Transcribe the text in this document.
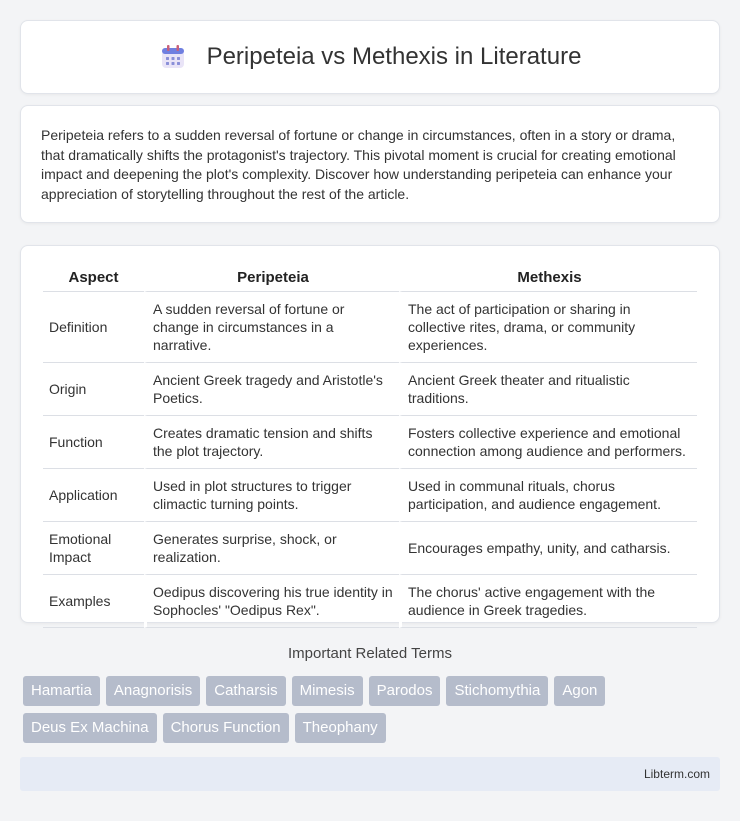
Peripeteia vs Methexis in Literature

Peripeteia refers to a sudden reversal of fortune or change in circumstances, often in a story or drama, that dramatically shifts the protagonist's trajectory. This pivotal moment is crucial for creating emotional impact and deepening the plot's complexity. Discover how understanding peripeteia can enhance your appreciation of storytelling throughout the rest of the article.

Aspect	Peripeteia	Methexis
Definition	A sudden reversal of fortune or change in circumstances in a narrative.	The act of participation or sharing in collective rites, drama, or community experiences.
Origin	Ancient Greek tragedy and Aristotle's Poetics.	Ancient Greek theater and ritualistic traditions.
Function	Creates dramatic tension and shifts the plot trajectory.	Fosters collective experience and emotional connection among audience and performers.
Application	Used in plot structures to trigger climactic turning points.	Used in communal rituals, chorus participation, and audience engagement.
Emotional Impact	Generates surprise, shock, or realization.	Encourages empathy, unity, and catharsis.
Examples	Oedipus discovering his true identity in Sophocles' "Oedipus Rex".	The chorus' active engagement with the audience in Greek tragedies.
Important Related Terms
Hamartia	Anagnorisis	Catharsis	Mimesis	Parodos	Stichomythia	Agon
Deus Ex Machina	Chorus Function	Theophany
Libterm.com
